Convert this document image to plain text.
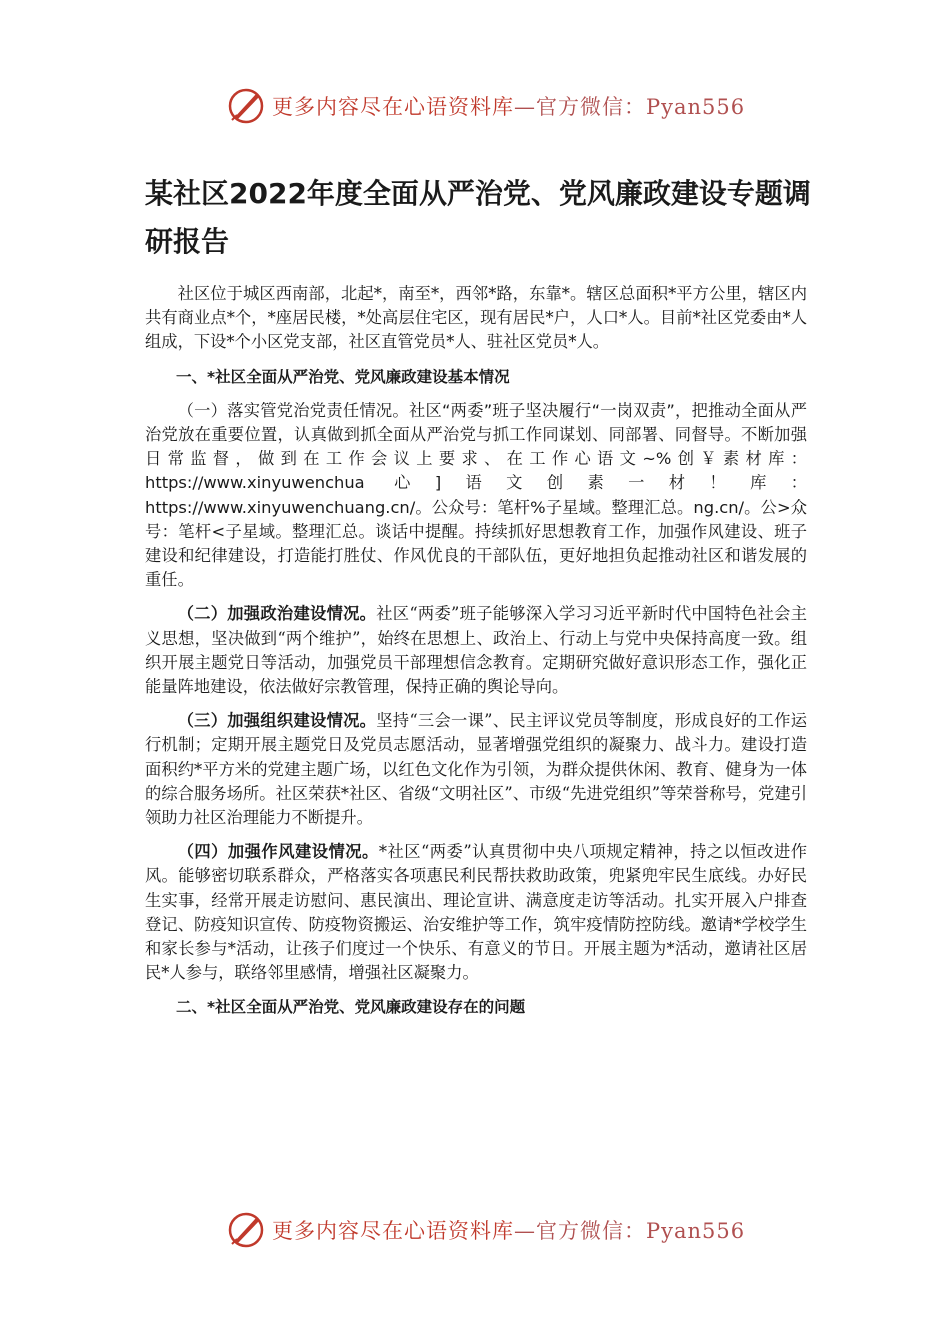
更多内容尽在心语资料库—官方微信：Pyan556
某社区2022年度全面从严治党、党风廉政建设专题调研报告

社区位于城区西南部，北起*，南至*，西邻*路，东靠*。辖区总面积*平方公里，辖区内共有商业点*个，*座居民楼，*处高层住宅区，现有居民*户，人口*人。目前*社区党委由*人组成，下设*个小区党支部，社区直管党员*人、驻社区党员*人。

一、*社区全面从严治党、党风廉政建设基本情况

（一）落实管党治党责任情况。社区“两委”班子坚决履行“一岗双责”，把推动全面从严治党放在重要位置，认真做到抓全面从严治党与抓工作同谋划、同部署、同督导。不断加强日常监督，做到在工作会议上要求、在工作心语文~%创￥素材库：https://www.xinyuwenchua 心]语文创素一材！库：https://www.xinyuwenchuang.cn/。公众号：笔杆%子星域。整理汇总。ng.cn/。公>众号：笔杆<子星域。整理汇总。谈话中提醒。持续抓好思想教育工作，加强作风建设、班子建设和纪律建设，打造能打胜仗、作风优良的干部队伍，更好地担负起推动社区和谐发展的重任。

（二）加强政治建设情况。社区“两委”班子能够深入学习习近平新时代中国特色社会主义思想，坚决做到“两个维护”，始终在思想上、政治上、行动上与党中央保持高度一致。组织开展主题党日等活动，加强党员干部理想信念教育。定期研究做好意识形态工作，强化正能量阵地建设，依法做好宗教管理，保持正确的舆论导向。

（三）加强组织建设情况。坚持“三会一课”、民主评议党员等制度，形成良好的工作运行机制；定期开展主题党日及党员志愿活动，显著增强党组织的凝聚力、战斗力。建设打造面积约*平方米的党建主题广场，以红色文化作为引领，为群众提供休闲、教育、健身为一体的综合服务场所。社区荣获*社区、省级“文明社区”、市级“先进党组织”等荣誉称号，党建引领助力社区治理能力不断提升。

（四）加强作风建设情况。*社区“两委”认真贯彻中央八项规定精神，持之以恒改进作风。能够密切联系群众，严格落实各项惠民利民帮扶救助政策，兜紧兜牢民生底线。办好民生实事，经常开展走访慰问、惠民演出、理论宣讲、满意度走访等活动。扎实开展入户排查登记、防疫知识宣传、防疫物资搬运、治安维护等工作，筑牢疫情防控防线。邀请*学校学生和家长参与*活动，让孩子们度过一个快乐、有意义的节日。开展主题为*活动，邀请社区居民*人参与，联络邻里感情，增强社区凝聚力。

二、*社区全面从严治党、党风廉政建设存在的问题

更多内容尽在心语资料库—官方微信：Pyan556
